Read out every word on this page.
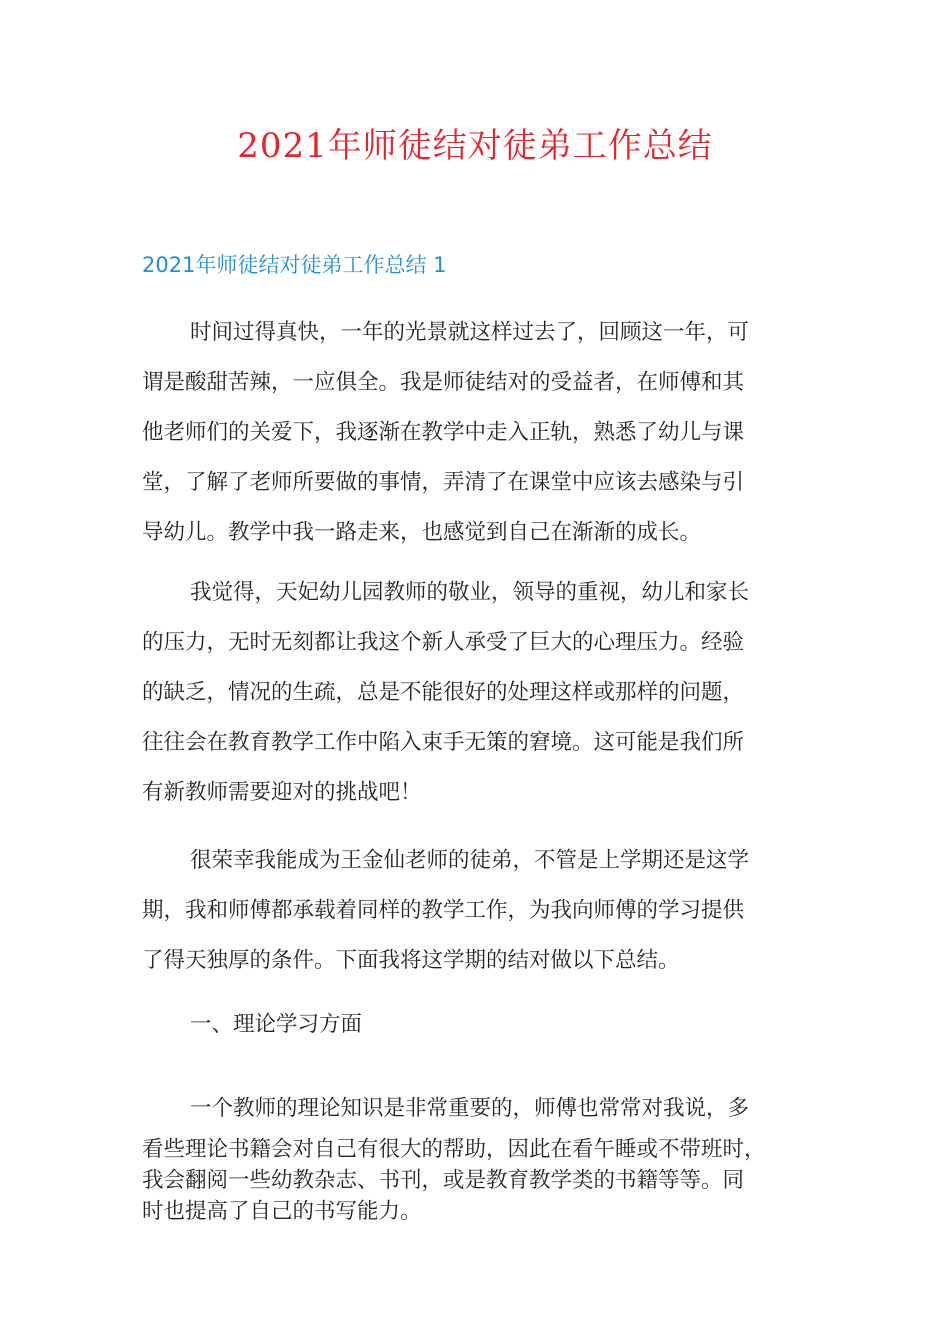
2021年师徒结对徒弟工作总结
2021年师徒结对徒弟工作总结 1
时间过得真快，一年的光景就这样过去了，回顾这一年，可
谓是酸甜苦辣，一应俱全。我是师徒结对的受益者，在师傅和其
他老师们的关爱下，我逐渐在教学中走入正轨，熟悉了幼儿与课
堂，了解了老师所要做的事情，弄清了在课堂中应该去感染与引
导幼儿。教学中我一路走来，也感觉到自己在渐渐的成长。
我觉得，天妃幼儿园教师的敬业，领导的重视，幼儿和家长
的压力，无时无刻都让我这个新人承受了巨大的心理压力。经验
的缺乏，情况的生疏，总是不能很好的处理这样或那样的问题，
往往会在教育教学工作中陷入束手无策的窘境。这可能是我们所
有新教师需要迎对的挑战吧！
很荣幸我能成为王金仙老师的徒弟，不管是上学期还是这学
期，我和师傅都承载着同样的教学工作，为我向师傅的学习提供
了得天独厚的条件。下面我将这学期的结对做以下总结。
一、理论学习方面
一个教师的理论知识是非常重要的，师傅也常常对我说，多
看些理论书籍会对自己有很大的帮助，因此在看午睡或不带班时，
我会翻阅一些幼教杂志、书刊，或是教育教学类的书籍等等。同
时也提高了自己的书写能力。
